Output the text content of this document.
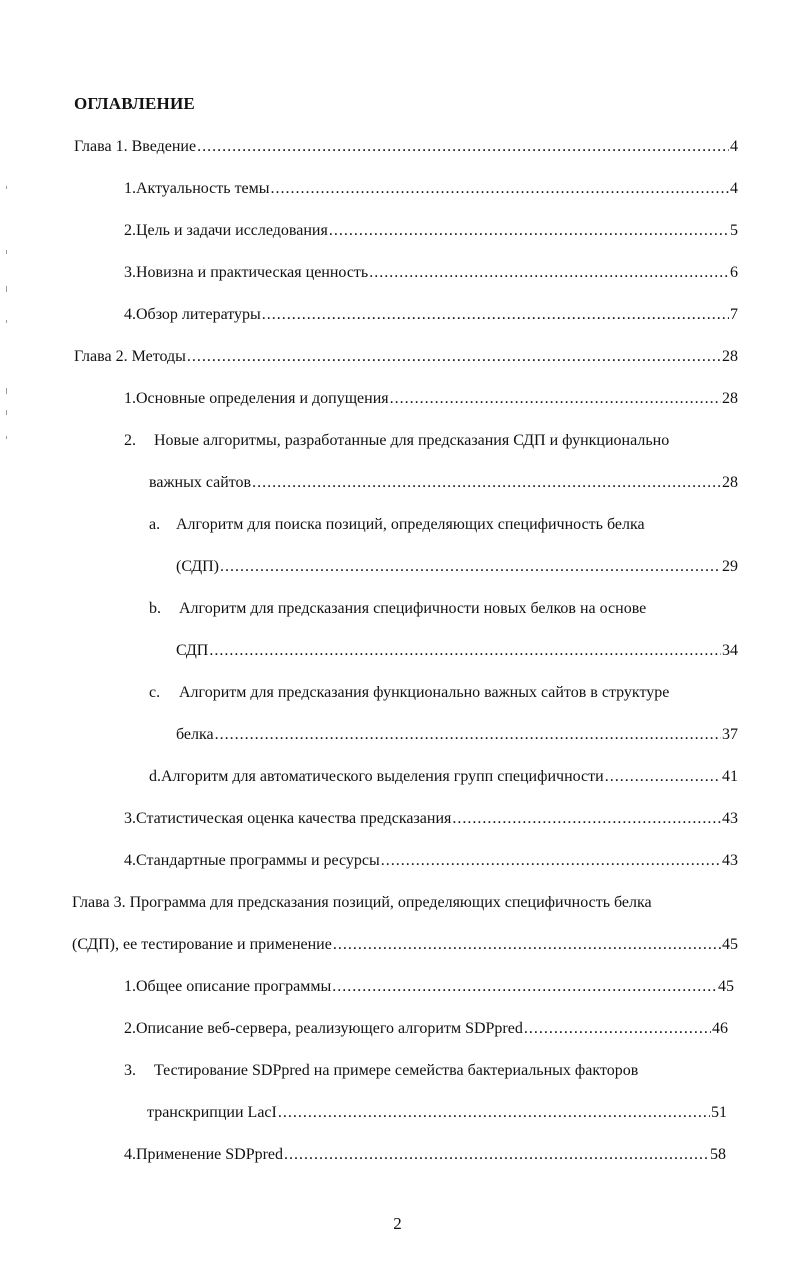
ОГЛАВЛЕНИЕ
Глава 1. Введение .....	4
1. Актуальность темы .....	4
2. Цель и задачи исследования .....	5
3. Новизна и практическая ценность .....	6
4. Обзор литературы .....	7
Глава 2. Методы .....	28
1. Основные определения и допущения .....	28
2. Новые алгоритмы, разработанные для предсказания СДП и функционально
важных сайтов .....	28
a. Алгоритм для поиска позиций, определяющих специфичность белка
(СДП) .....	29
b. Алгоритм для предсказания специфичности новых белков на основе
СДП .....	34
c. Алгоритм для предсказания функционально важных сайтов в структуре
белка .....	37
d. Алгоритм для автоматического выделения групп специфичности .....	41
3. Статистическая оценка качества предсказания .....	43
4. Стандартные программы и ресурсы .....	43
Глава 3. Программа для предсказания позиций, определяющих специфичность белка
(СДП), ее тестирование и применение .....	45
1. Общее описание программы .....	45
2. Описание веб-сервера, реализующего алгоритм SDPpred .....	46
3. Тестирование SDPpred на примере семейства бактериальных факторов
транскрипции LacI .....	51
4. Применение SDPpred .....	58
2
